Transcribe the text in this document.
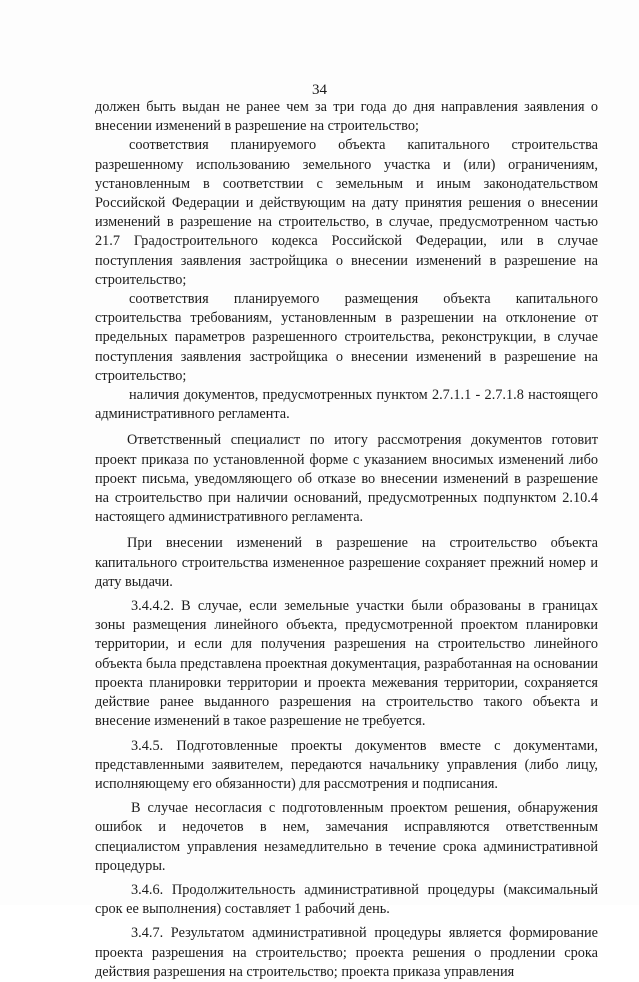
34

должен быть выдан не ранее чем за три года до дня направления заявления о внесении изменений в разрешение на строительство;

соответствия планируемого объекта капитального строительства разрешенному использованию земельного участка и (или) ограничениям, установленным в соответствии с земельным и иным законодательством Российской Федерации и действующим на дату принятия решения о внесении изменений в разрешение на строительство, в случае, предусмотренном частью 21.7 Градостроительного кодекса Российской Федерации, или в случае поступления заявления застройщика о внесении изменений в разрешение на строительство;

соответствия планируемого размещения объекта капитального строительства требованиям, установленным в разрешении на отклонение от предельных параметров разрешенного строительства, реконструкции, в случае поступления заявления застройщика о внесении изменений в разрешение на строительство;

наличия документов, предусмотренных пунктом 2.7.1.1 - 2.7.1.8 настоящего административного регламента.

Ответственный специалист по итогу рассмотрения документов готовит проект приказа по установленной форме с указанием вносимых изменений либо проект письма, уведомляющего об отказе во внесении изменений в разрешение на строительство при наличии оснований, предусмотренных подпунктом 2.10.4 настоящего административного регламента.

При внесении изменений в разрешение на строительство объекта капитального строительства измененное разрешение сохраняет прежний номер и дату выдачи.

3.4.4.2. В случае, если земельные участки были образованы в границах зоны размещения линейного объекта, предусмотренной проектом планировки территории, и если для получения разрешения на строительство линейного объекта была представлена проектная документация, разработанная на основании проекта планировки территории и проекта межевания территории, сохраняется действие ранее выданного разрешения на строительство такого объекта и внесение изменений в такое разрешение не требуется.

3.4.5. Подготовленные проекты документов вместе с документами, представленными заявителем, передаются начальнику управления (либо лицу, исполняющему его обязанности) для рассмотрения и подписания.

В случае несогласия с подготовленным проектом решения, обнаружения ошибок и недочетов в нем, замечания исправляются ответственным специалистом управления незамедлительно в течение срока административной процедуры.

3.4.6. Продолжительность административной процедуры (максимальный срок ее выполнения) составляет 1 рабочий день.

3.4.7. Результатом административной процедуры является формирование проекта разрешения на строительство; проекта решения о продлении срока действия разрешения на строительство; проекта приказа управления
